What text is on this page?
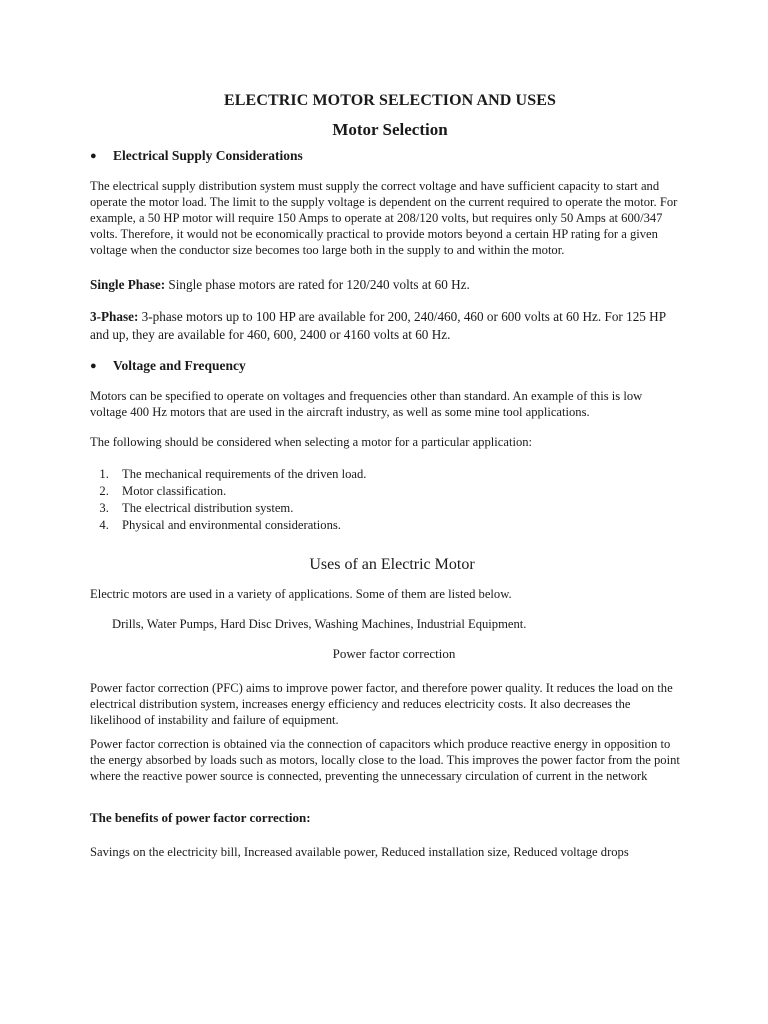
ELECTRIC MOTOR SELECTION AND USES
Motor Selection
●	Electrical Supply Considerations

The electrical supply distribution system must supply the correct voltage and have sufficient capacity to start and operate the motor load. The limit to the supply voltage is dependent on the current required to operate the motor. For example, a 50 HP motor will require 150 Amps to operate at 208/120 volts, but requires only 50 Amps at 600/347 volts. Therefore, it would not be economically practical to provide motors beyond a certain HP rating for a given voltage when the conductor size becomes too large both in the supply to and within the motor.

Single Phase: Single phase motors are rated for 120/240 volts at 60 Hz.

3-Phase: 3-phase motors up to 100 HP are available for 200, 240/460, 460 or 600 volts at 60 Hz. For 125 HP and up, they are available for 460, 600, 2400 or 4160 volts at 60 Hz.

●	Voltage and Frequency

Motors can be specified to operate on voltages and frequencies other than standard. An example of this is low voltage 400 Hz motors that are used in the aircraft industry, as well as some mine tool applications.

The following should be considered when selecting a motor for a particular application:

1. The mechanical requirements of the driven load.
2. Motor classification.
3. The electrical distribution system.
4. Physical and environmental considerations.
Uses of an Electric Motor

Electric motors are used in a variety of applications. Some of them are listed below.

Drills, Water Pumps, Hard Disc Drives, Washing Machines, Industrial Equipment.

Power factor correction

Power factor correction (PFC) aims to improve power factor, and therefore power quality. It reduces the load on the electrical distribution system, increases energy efficiency and reduces electricity costs. It also decreases the likelihood of instability and failure of equipment.

Power factor correction is obtained via the connection of capacitors which produce reactive energy in opposition to the energy absorbed by loads such as motors, locally close to the load. This improves the power factor from the point where the reactive power source is connected, preventing the unnecessary circulation of current in the network

The benefits of power factor correction:

Savings on the electricity bill, Increased available power, Reduced installation size, Reduced voltage drops
